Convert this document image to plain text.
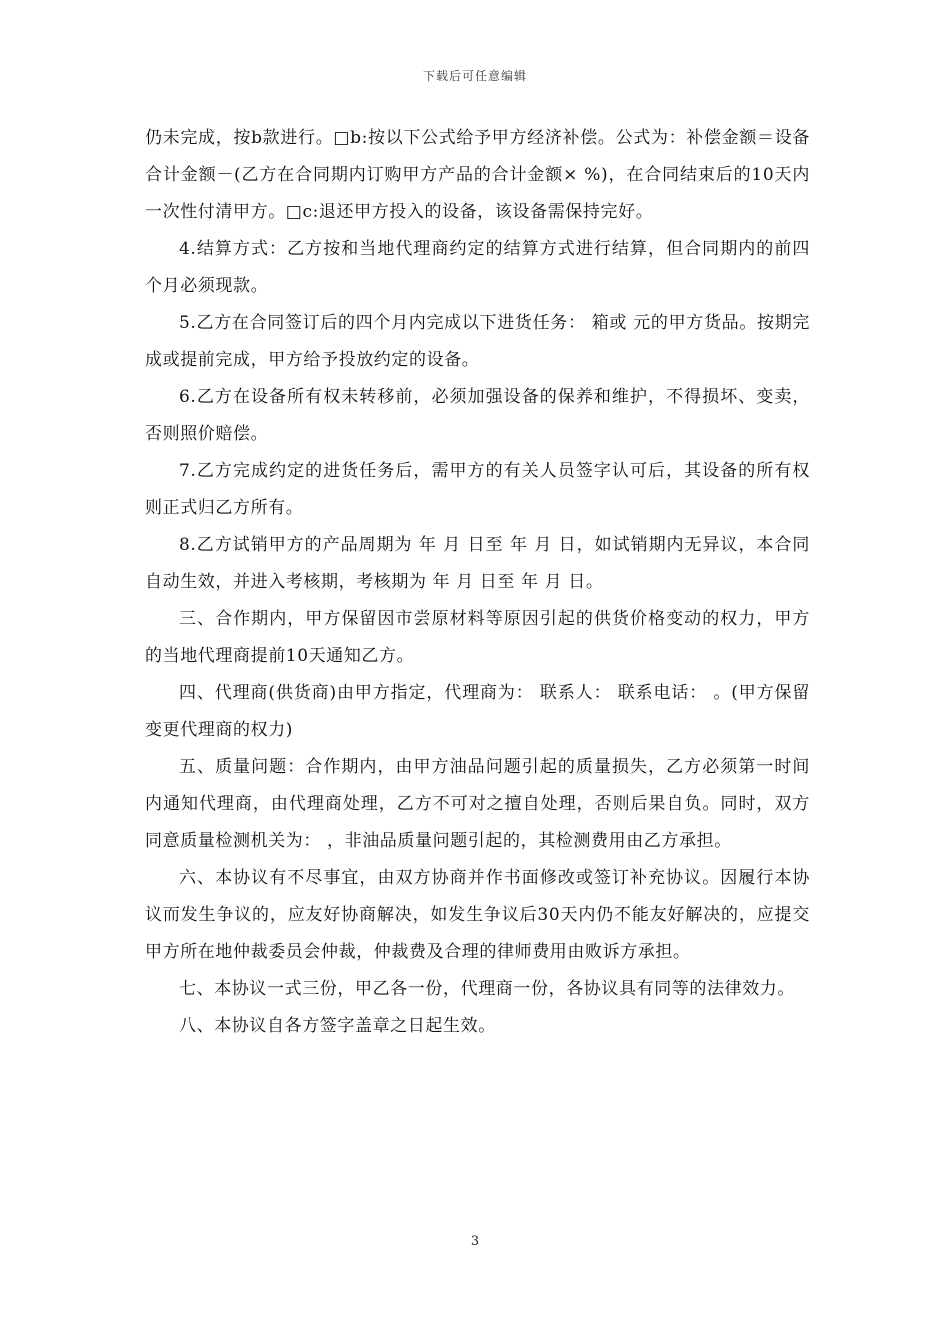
下载后可任意编辑

仍未完成，按b款进行。□b:按以下公式给予甲方经济补偿。公式为：补偿金额＝设备合计金额－(乙方在合同期内订购甲方产品的合计金额× %)，在合同结束后的10天内一次性付清甲方。□c:退还甲方投入的设备，该设备需保持完好。

4.结算方式：乙方按和当地代理商约定的结算方式进行结算，但合同期内的前四个月必须现款。

5.乙方在合同签订后的四个月内完成以下进货任务： 箱或 元的甲方货品。按期完成或提前完成，甲方给予投放约定的设备。

6.乙方在设备所有权未转移前，必须加强设备的保养和维护，不得损坏、变卖，否则照价赔偿。

7.乙方完成约定的进货任务后，需甲方的有关人员签字认可后，其设备的所有权则正式归乙方所有。

8.乙方试销甲方的产品周期为 年 月 日至 年 月 日，如试销期内无异议，本合同自动生效，并进入考核期，考核期为 年 月 日至 年 月 日。

三、合作期内，甲方保留因市尝原材料等原因引起的供货价格变动的权力，甲方的当地代理商提前10天通知乙方。

四、代理商(供货商)由甲方指定，代理商为： 联系人： 联系电话： 。(甲方保留变更代理商的权力)

五、质量问题：合作期内，由甲方油品问题引起的质量损失，乙方必须第一时间内通知代理商，由代理商处理，乙方不可对之擅自处理，否则后果自负。同时，双方同意质量检测机关为： ，非油品质量问题引起的，其检测费用由乙方承担。

六、本协议有不尽事宜，由双方协商并作书面修改或签订补充协议。因履行本协议而发生争议的，应友好协商解决，如发生争议后30天内仍不能友好解决的，应提交甲方所在地仲裁委员会仲裁，仲裁费及合理的律师费用由败诉方承担。

七、本协议一式三份，甲乙各一份，代理商一份，各协议具有同等的法律效力。

八、本协议自各方签字盖章之日起生效。

3
